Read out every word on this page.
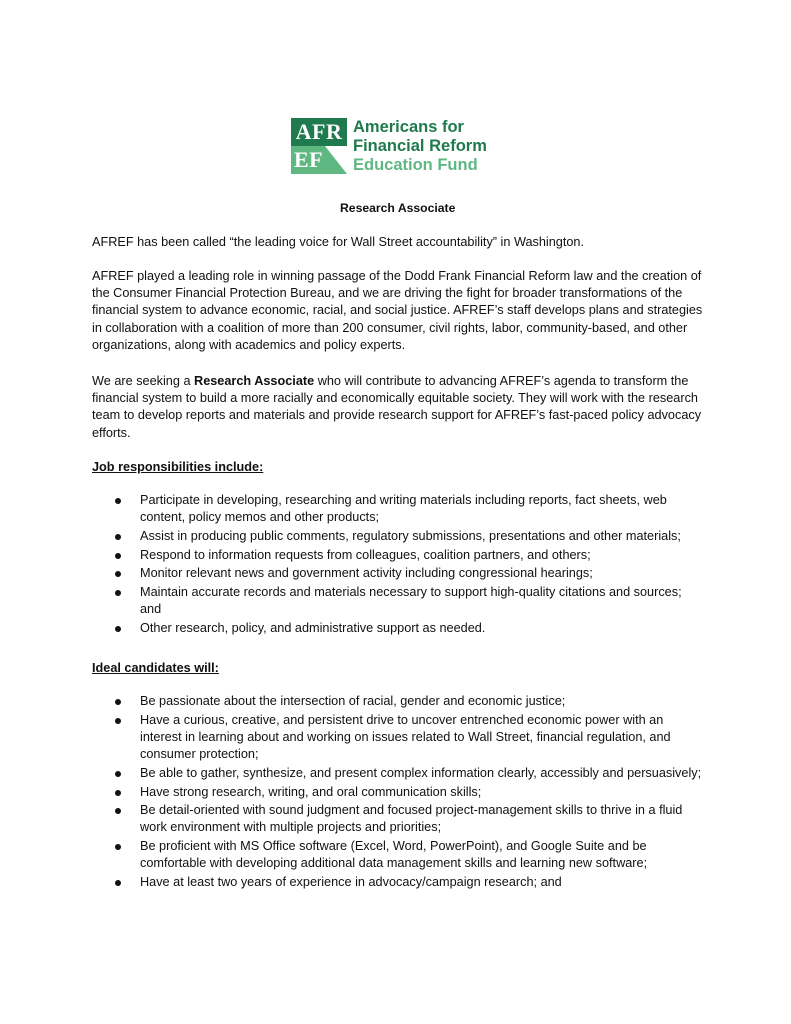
AFR
EF
Americans for
Financial Reform
Education Fund
Research Associate

AFREF has been called “the leading voice for Wall Street accountability” in Washington.

AFREF played a leading role in winning passage of the Dodd Frank Financial Reform law and the creation of the Consumer Financial Protection Bureau, and we are driving the fight for broader transformations of the financial system to advance economic, racial, and social justice. AFREF’s staff develops plans and strategies in collaboration with a coalition of more than 200 consumer, civil rights, labor, community-based, and other organizations, along with academics and policy experts.

We are seeking a Research Associate who will contribute to advancing AFREF’s agenda to transform the financial system to build a more racially and economically equitable society. They will work with the research team to develop reports and materials and provide research support for AFREF’s fast-paced policy advocacy efforts.

Job responsibilities include:

Participate in developing, researching and writing materials including reports, fact sheets, web content, policy memos and other products;
Assist in producing public comments, regulatory submissions, presentations and other materials;
Respond to information requests from colleagues, coalition partners, and others;
Monitor relevant news and government activity including congressional hearings;
Maintain accurate records and materials necessary to support high-quality citations and sources; and
Other research, policy, and administrative support as needed.

Ideal candidates will:

Be passionate about the intersection of racial, gender and economic justice;
Have a curious, creative, and persistent drive to uncover entrenched economic power with an interest in learning about and working on issues related to Wall Street, financial regulation, and consumer protection;
Be able to gather, synthesize, and present complex information clearly, accessibly and persuasively;
Have strong research, writing, and oral communication skills;
Be detail-oriented with sound judgment and focused project-management skills to thrive in a fluid work environment with multiple projects and priorities;
Be proficient with MS Office software (Excel, Word, PowerPoint), and Google Suite and be comfortable with developing additional data management skills and learning new software;
Have at least two years of experience in advocacy/campaign research; and
